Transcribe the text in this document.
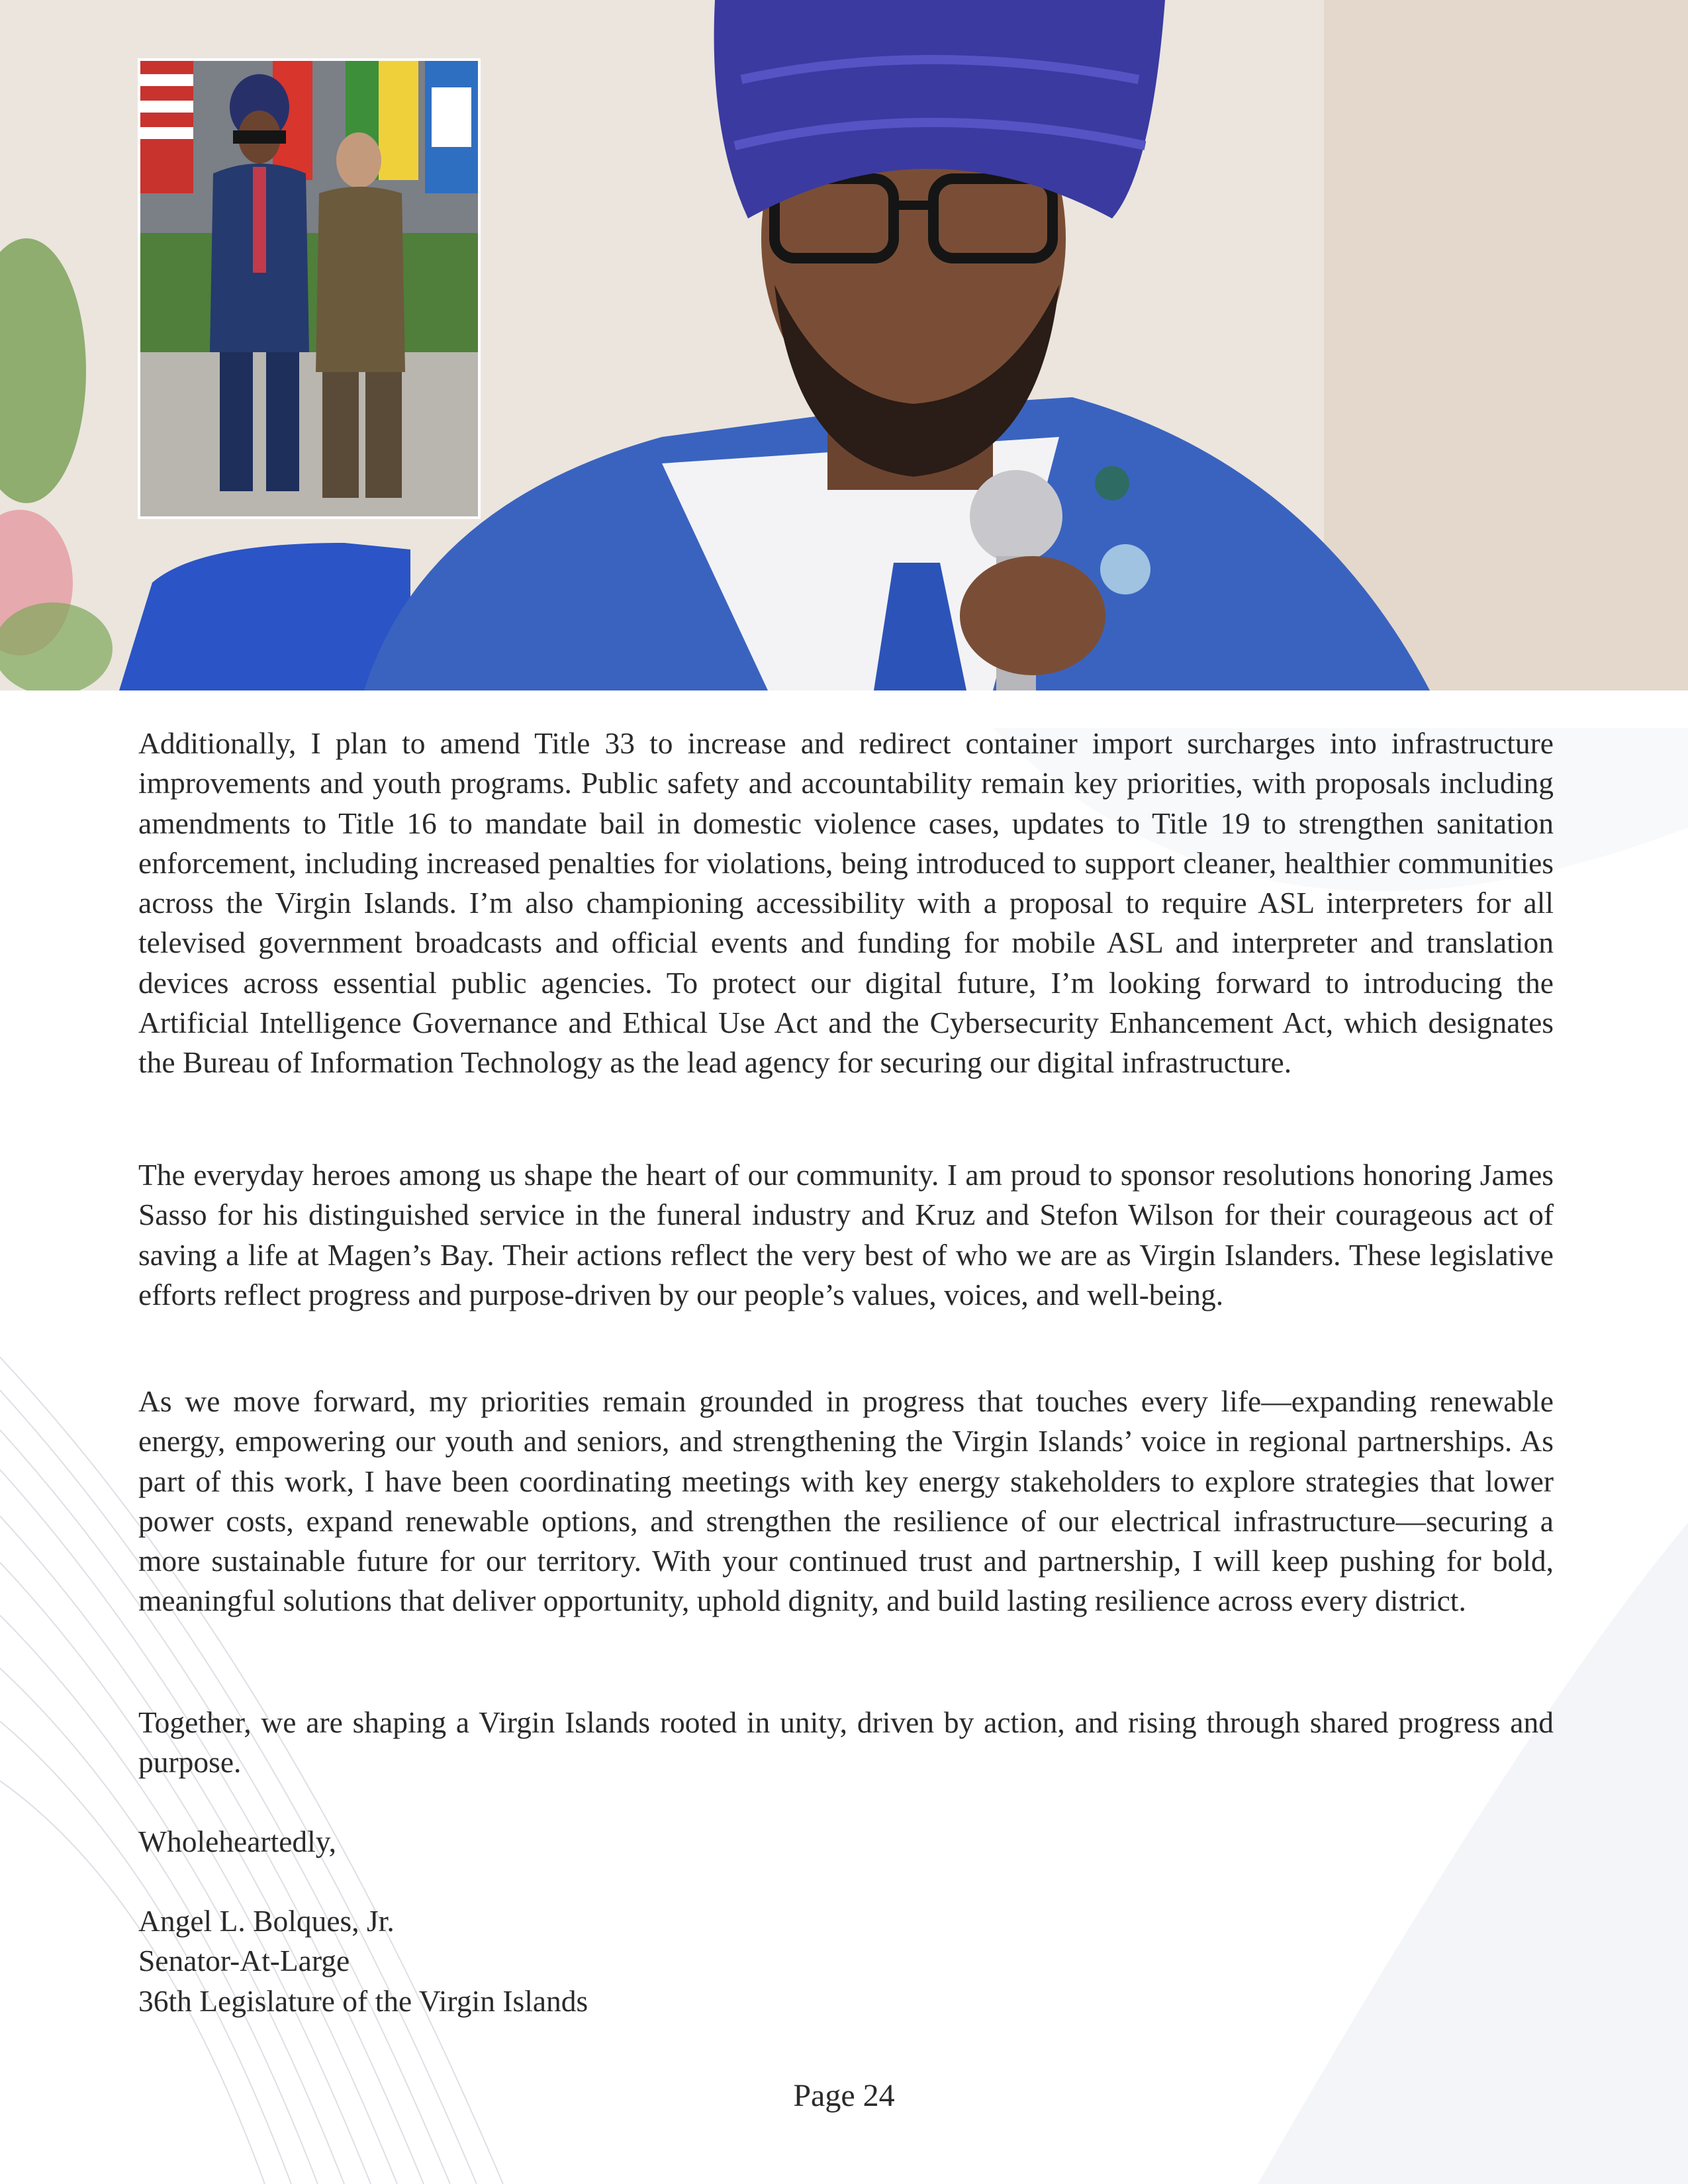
Additionally, I plan to amend Title 33 to increase and redirect container import surcharges into infrastructure improvements and youth programs. Public safety and accountability remain key priorities, with proposals including amendments to Title 16 to mandate bail in domestic violence cases, updates to Title 19 to strengthen sanitation enforcement, including increased penalties for violations, being introduced to support cleaner, healthier communities across the Virgin Islands. I’m also championing accessibility with a proposal to require ASL interpreters for all televised government broadcasts and official events and funding for mobile ASL and interpreter and translation devices across essential public agencies. To protect our digital future, I’m looking forward to introducing the Artificial Intelligence Governance and Ethical Use Act and the Cybersecurity Enhancement Act, which designates the Bureau of Information Technology as the lead agency for securing our digital infrastructure.

The everyday heroes among us shape the heart of our community. I am proud to sponsor resolutions honoring James Sasso for his distinguished service in the funeral industry and Kruz and Stefon Wilson for their courageous act of saving a life at Magen’s Bay. Their actions reflect the very best of who we are as Virgin Islanders. These legislative efforts reflect progress and purpose-driven by our people’s values, voices, and well-being.

As we move forward, my priorities remain grounded in progress that touches every life—expanding renewable energy, empowering our youth and seniors, and strengthening the Virgin Islands’ voice in regional partnerships. As part of this work, I have been coordinating meetings with key energy stakeholders to explore strategies that lower power costs, expand renewable options, and strengthen the resilience of our electrical infrastructure—securing a more sustainable future for our territory. With your continued trust and partnership, I will keep pushing for bold, meaningful solutions that deliver opportunity, uphold dignity, and build lasting resilience across every district.

Together, we are shaping a Virgin Islands rooted in unity, driven by action, and rising through shared progress and purpose.

Wholeheartedly,

Angel L. Bolques, Jr.

Senator-At-Large

36th Legislature of the Virgin Islands

Page 24
